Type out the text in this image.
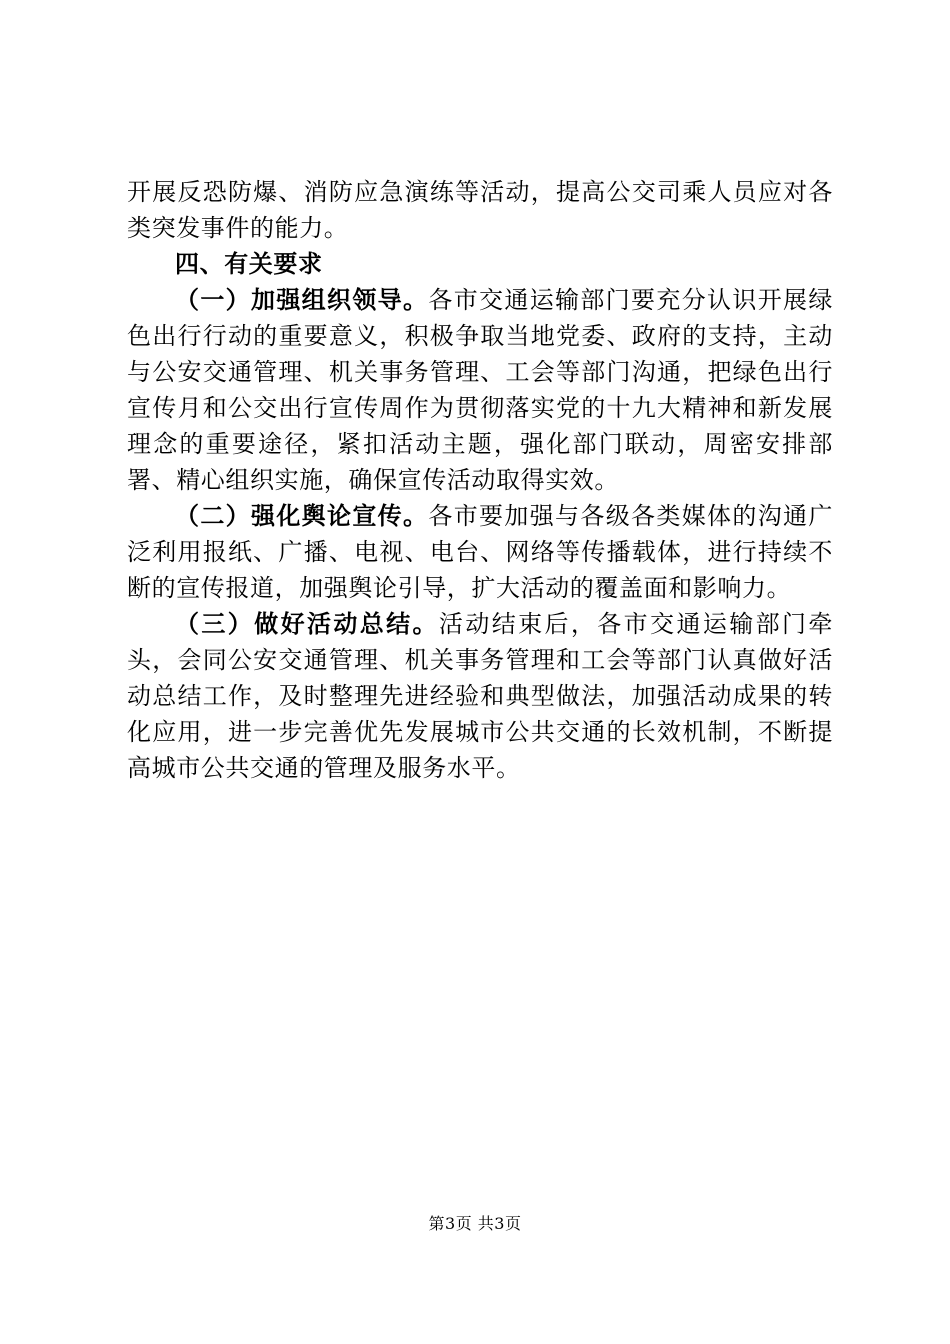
开展反恐防爆、消防应急演练等活动，提高公交司乘人员应对各类突发事件的能力。

四、有关要求

（一）加强组织领导。各市交通运输部门要充分认识开展绿色出行行动的重要意义，积极争取当地党委、政府的支持，主动与公安交通管理、机关事务管理、工会等部门沟通，把绿色出行宣传月和公交出行宣传周作为贯彻落实党的十九大精神和新发展理念的重要途径，紧扣活动主题，强化部门联动，周密安排部署、精心组织实施，确保宣传活动取得实效。

（二）强化舆论宣传。各市要加强与各级各类媒体的沟通广泛利用报纸、广播、电视、电台、网络等传播载体，进行持续不断的宣传报道，加强舆论引导，扩大活动的覆盖面和影响力。

（三）做好活动总结。活动结束后，各市交通运输部门牵头，会同公安交通管理、机关事务管理和工会等部门认真做好活动总结工作，及时整理先进经验和典型做法，加强活动成果的转化应用，进一步完善优先发展城市公共交通的长效机制，不断提高城市公共交通的管理及服务水平。

第3页 共3页
